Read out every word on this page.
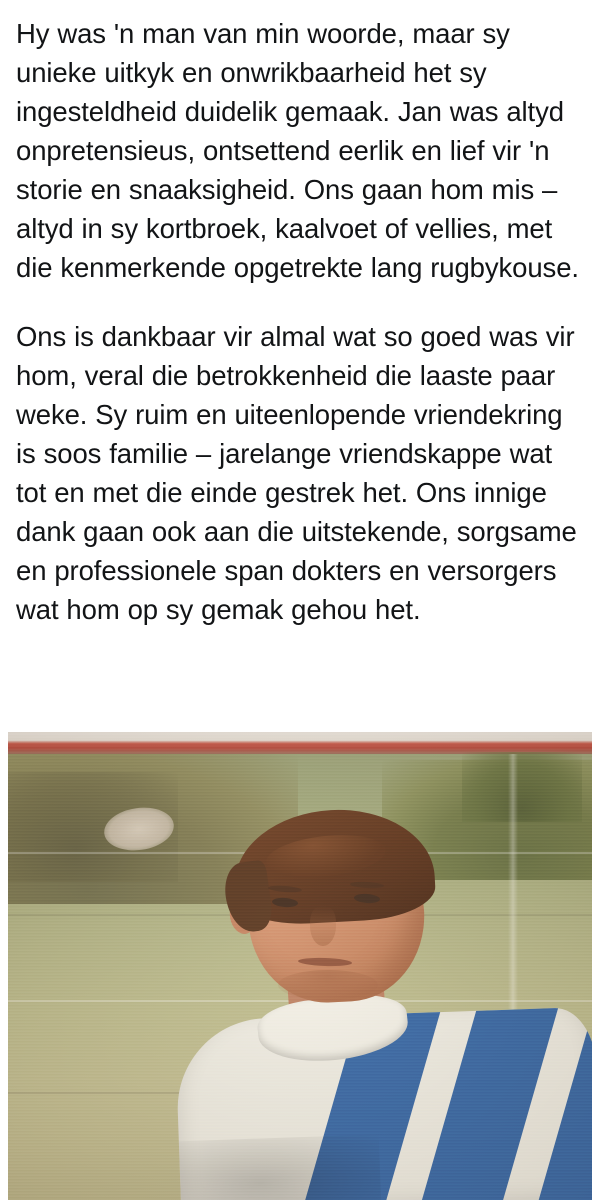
Hy was 'n man van min woorde, maar sy unieke uitkyk en onwrikbaarheid het sy ingesteldheid duidelik gemaak. Jan was altyd onpretensieus, ontsettend eerlik en lief vir 'n storie en snaaksigheid. Ons gaan hom mis – altyd in sy kortbroek, kaalvoet of vellies, met die kenmerkende opgetrekte lang rugbykouse.

Ons is dankbaar vir almal wat so goed was vir hom, veral die betrokkenheid die laaste paar weke. Sy ruim en uiteenlopende vriendekring is soos familie – jarelange vriendskappe wat tot en met die einde gestrek het. Ons innige dank gaan ook aan die uitstekende, sorgsame en professionele span dokters en versorgers wat hom op sy gemak gehou het.
